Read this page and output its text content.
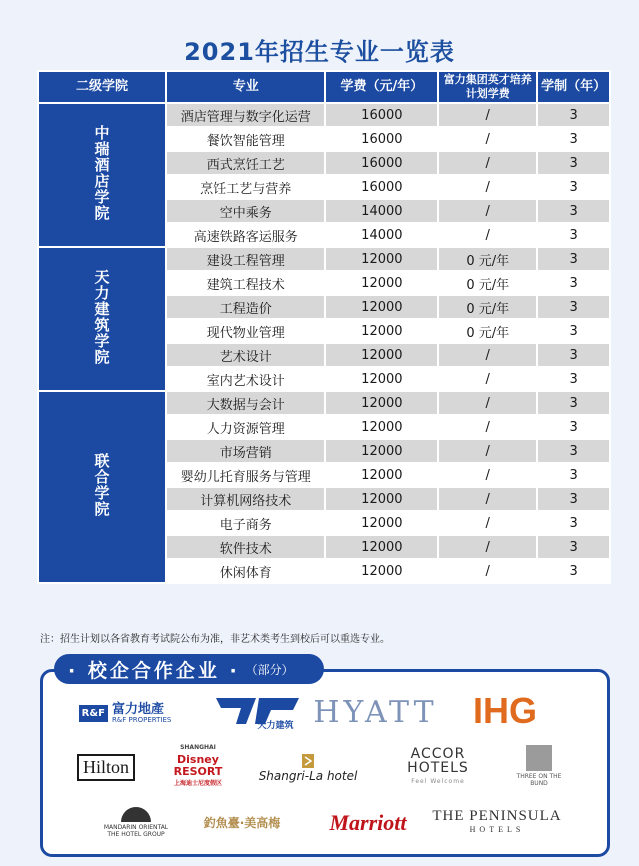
2021年招生专业一览表
二级学院	专业	学费（元/年）	富力集团英才培养计划学费	学制（年）
中瑞酒店学院	酒店管理与数字化运营	16000	/	3
	餐饮智能管理	16000	/	3
	西式烹饪工艺	16000	/	3
	烹饪工艺与营养	16000	/	3
	空中乘务	14000	/	3
	高速铁路客运服务	14000	/	3
天力建筑学院	建设工程管理	12000	0 元/年	3
	建筑工程技术	12000	0 元/年	3
	工程造价	12000	0 元/年	3
	现代物业管理	12000	0 元/年	3
	艺术设计	12000	/	3
	室内艺术设计	12000	/	3
联合学院	大数据与会计	12000	/	3
	人力资源管理	12000	/	3
	市场营销	12000	/	3
	婴幼儿托育服务与管理	12000	/	3
	计算机网络技术	12000	/	3
	电子商务	12000	/	3
	软件技术	12000	/	3
	休闲体育	12000	/	3
注：招生计划以各省教育考试院公布为准，非艺术类考生到校后可以重选专业。
· 校企合作企业 · （部分）
R&F 富力地產
R&F PROPERTIES
天力建筑 HYATT IHG
Hilton
SHANGHAI
Disney RESORT
上海迪士尼度假区
Shangri-La hotel
ACCOR HOTELS
Feel Welcome
THREE ON THE BUND
MANDARIN ORIENTAL
THE HOTEL GROUP
釣魚臺·美高梅	Marriott	THE PENINSULA
HOTELS
